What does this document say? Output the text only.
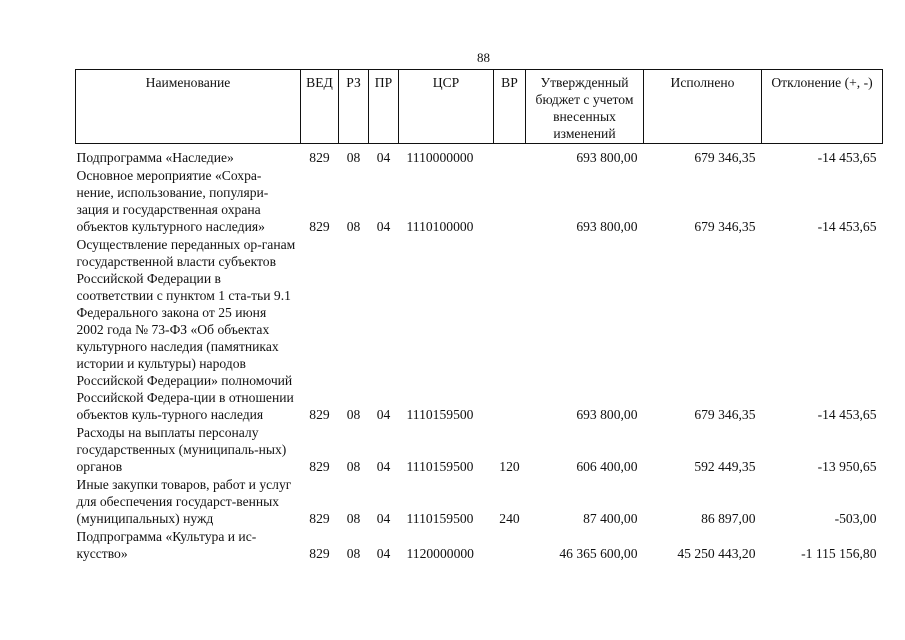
88
Наименование	ВЕД	РЗ	ПР	ЦСР	ВР	Утвержденный бюджет с учетом внесенных изменений	Исполнено	Отклонение (+, -)
Подпрограмма «Наследие»	829	08	04	1110000000		693 800,00	679 346,35	-14 453,65
Основное мероприятие «Сохра-нение, использование, популяри-зация и государственная охрана объектов культурного наследия»	829	08	04	1110100000		693 800,00	679 346,35	-14 453,65
Осуществление переданных ор-ганам государственной власти субъектов Российской Федерации в соответствии с пунктом 1 ста-тьи 9.1 Федерального закона от 25 июня 2002 года № 73-ФЗ «Об объектах культурного наследия (памятниках истории и культуры) народов Российской Федерации» полномочий Российской Федера-ции в отношении объектов куль-турного наследия	829	08	04	1110159500		693 800,00	679 346,35	-14 453,65
Расходы на выплаты персоналу государственных (муниципаль-ных) органов	829	08	04	1110159500	120	606 400,00	592 449,35	-13 950,65
Иные закупки товаров, работ и услуг для обеспечения государст-венных (муниципальных) нужд	829	08	04	1110159500	240	87 400,00	86 897,00	-503,00
Подпрограмма «Культура и ис-кусство»	829	08	04	1120000000		46 365 600,00	45 250 443,20	-1 115 156,80
